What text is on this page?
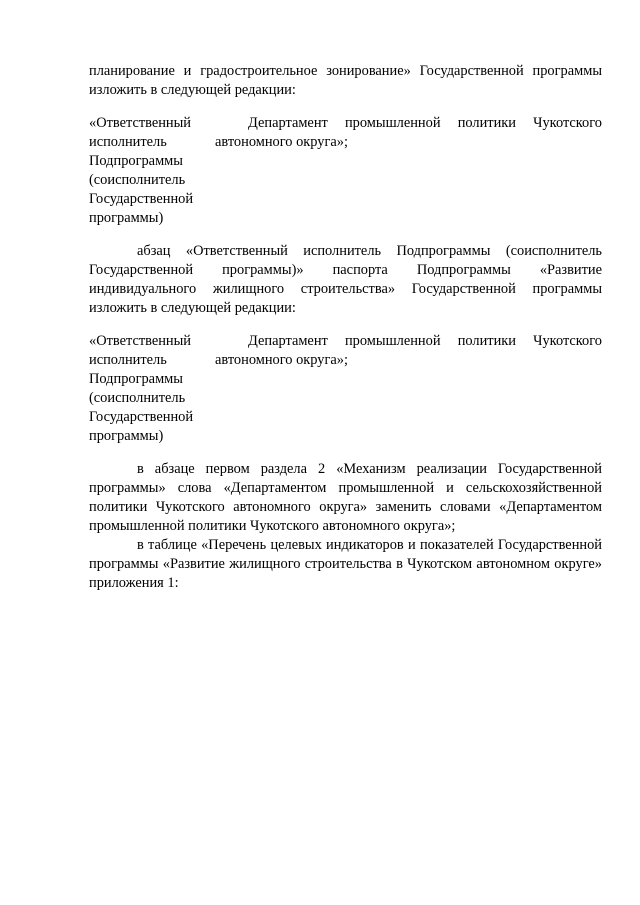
планирование и градостроительное зонирование» Государственной программы изложить в следующей редакции:

«Ответственный исполнитель Подпрограммы (соисполнитель Государственной программы)
Департамент промышленной политики Чукотского автономного округа»;

абзац «Ответственный исполнитель Подпрограммы (соисполнитель Государственной программы)» паспорта Подпрограммы «Развитие индивидуального жилищного строительства» Государственной программы изложить в следующей редакции:

«Ответственный исполнитель Подпрограммы (соисполнитель Государственной программы)
Департамент промышленной политики Чукотского автономного округа»;

в абзаце первом раздела 2 «Механизм реализации Государственной программы» слова «Департаментом промышленной и сельскохозяйственной политики Чукотского автономного округа» заменить словами «Департаментом промышленной политики Чукотского автономного округа»;

в таблице «Перечень целевых индикаторов и показателей Государственной программы «Развитие жилищного строительства в Чукотском автономном округе» приложения 1:
